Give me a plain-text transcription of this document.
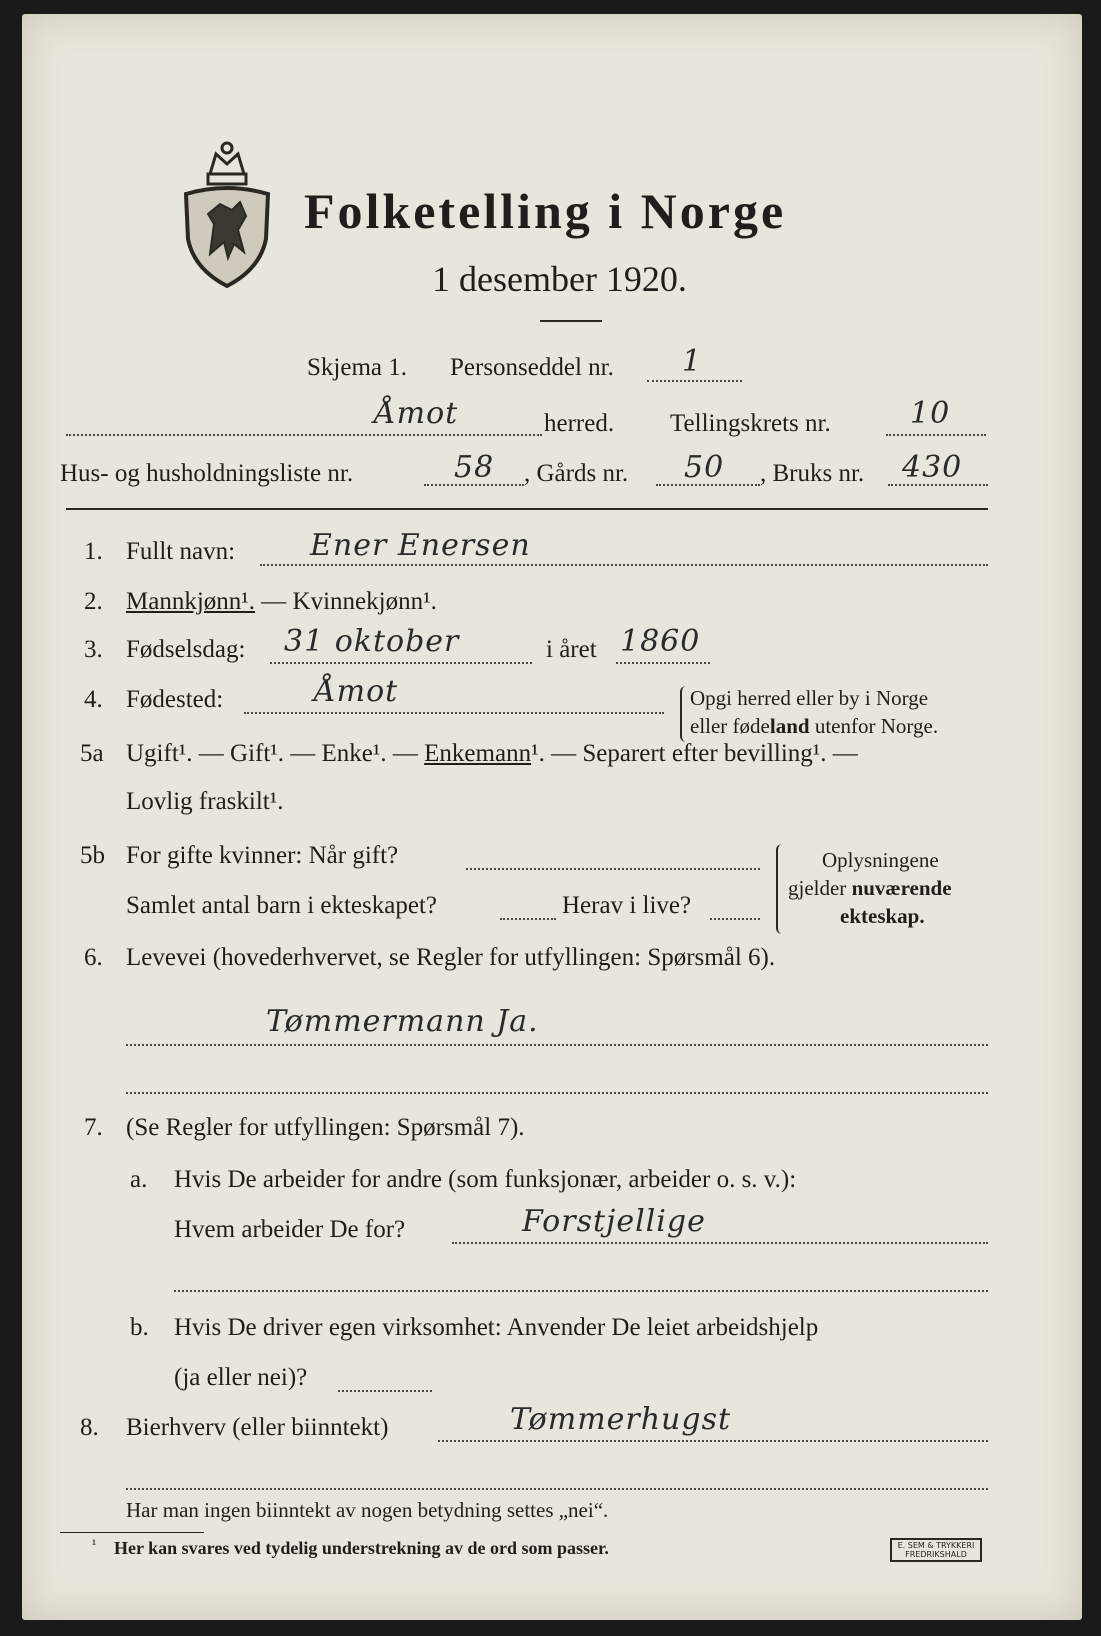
Folketelling i Norge
1 desember 1920.
Skjema 1. Personseddel nr. 1
Åmot	herred. Tellingskrets nr.	10
Hus- og husholdningsliste nr.	58 , Gårds nr. 50 , Bruks nr. 430
1. Fullt navn: Ener Enersen
2. Mannkjønn¹. — Kvinnekjønn¹.
3. Fødselsdag: 31 oktober	i året 1860
4. Fødested:	Åmot	Opgi herred eller by i Norge
eller fødeland utenfor Norge.
5a Ugift¹. — Gift¹. — Enke¹. — Enkemann¹. — Separert efter bevilling¹. —
Lovlig fraskilt¹.
5b For gifte kvinner: Når gift?
Samlet antal barn i ekteskapet?	Herav i live?
Oplysningene
gjelder nuværende
ekteskap.
6. Levevei (hovederhvervet, se Regler for utfyllingen: Spørsmål 6).
Tømmermann Ja.
7. (Se Regler for utfyllingen: Spørsmål 7).
a. Hvis De arbeider for andre (som funksjonær, arbeider o. s. v.):
Hvem arbeider De for?	Forstjellige
b. Hvis De driver egen virksomhet: Anvender De leiet arbeidshjelp
(ja eller nei)?
8. Bierhverv (eller biinntekt)	Tømmerhugst
Har man ingen biinntekt av nogen betydning settes „nei“.
¹ Her kan svares ved tydelig understrekning av de ord som passer.	E. SEM & TRYKKERI
FREDRIKSHALD
